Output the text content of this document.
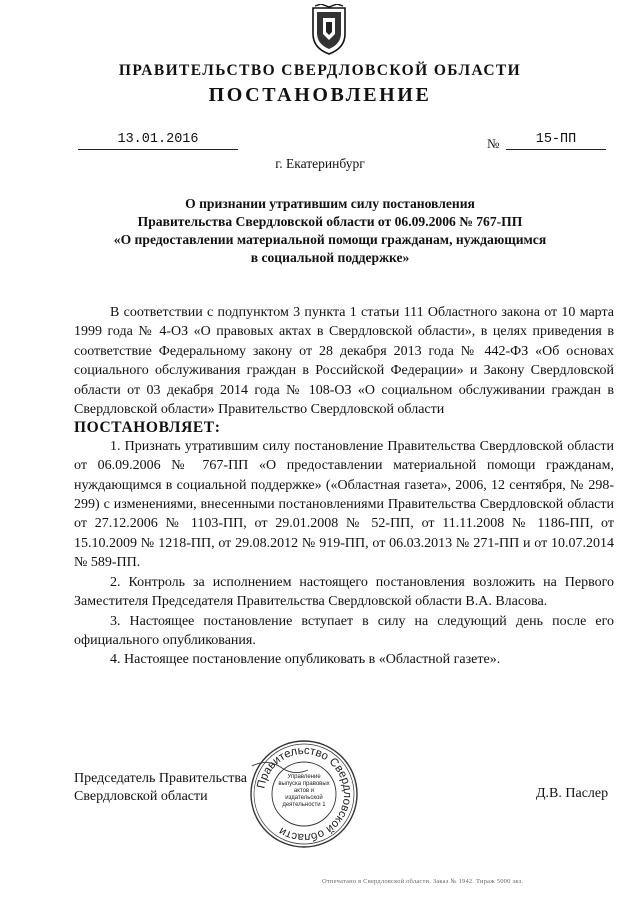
ПРАВИТЕЛЬСТВО СВЕРДЛОВСКОЙ ОБЛАСТИ
ПОСТАНОВЛЕНИЕ
13.01.2016	№	15-ПП
г. Екатеринбург
О признании утратившим силу постановления
Правительства Свердловской области от 06.09.2006 № 767-ПП
«О предоставлении материальной помощи гражданам, нуждающимся
в социальной поддержке»

В соответствии с подпунктом 3 пункта 1 статьи 111 Областного закона от 10 марта 1999 года № 4-ОЗ «О правовых актах в Свердловской области», в целях приведения в соответствие Федеральному закону от 28 декабря 2013 года № 442-ФЗ «Об основах социального обслуживания граждан в Российской Федерации» и Закону Свердловской области от 03 декабря 2014 года № 108-ОЗ «О социальном обслуживании граждан в Свердловской области» Правительство Свердловской области

ПОСТАНОВЛЯЕТ:

1. Признать утратившим силу постановление Правительства Свердловской области от 06.09.2006 № 767-ПП «О предоставлении материальной помощи гражданам, нуждающимся в социальной поддержке» («Областная газета», 2006, 12 сентября, № 298-299) с изменениями, внесенными постановлениями Правительства Свердловской области от 27.12.2006 № 1103-ПП, от 29.01.2008 № 52-ПП, от 11.11.2008 № 1186-ПП, от 15.10.2009 № 1218-ПП, от 29.08.2012 № 919-ПП, от 06.03.2013 № 271-ПП и от 10.07.2014 № 589-ПП.

2. Контроль за исполнением настоящего постановления возложить на Первого Заместителя Председателя Правительства Свердловской области В.А. Власова.

3. Настоящее постановление вступает в силу на следующий день после его официального опубликования.

4. Настоящее постановление опубликовать в «Областной газете».

Председатель Правительства
Свердловской области	Д.В. Паслер
Правительство Свердловской области
Управление выпуска правовых актов и издательской деятельности 1
Отпечатано в Свердловской области. Заказ № 1942. Тираж 5000 экз.
